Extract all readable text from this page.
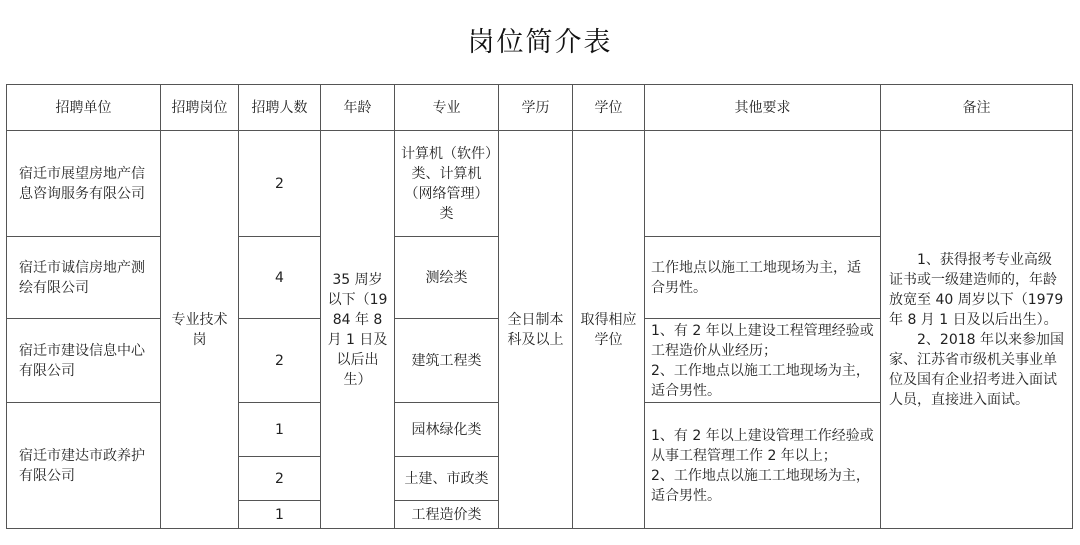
岗位简介表
招聘单位	招聘岗位	招聘人数	年龄	专业	学历	学位	其他要求	备注
宿迁市展望房地产信息咨询服务有限公司	专业技术岗	2	35 周岁以下（1984 年 8 月 1 日及以后出生）	计算机（软件）类、计算机（网络管理）类	全日制本科及以上	取得相应学位		1、获得报考专业高级证书或一级建造师的，年龄放宽至 40 周岁以下（1979 年 8 月 1 日及以后出生）。
2、2018 年以来参加国家、江苏省市级机关事业单位及国有企业招考进入面试人员，直接进入面试。

宿迁市诚信房地产测绘有限公司		4		测绘类			工作地点以施工工地现场为主，适合男性。	
宿迁市建设信息中心有限公司		2		建筑工程类			1、有 2 年以上建设工程管理经验或工程造价从业经历；
2、工作地点以施工工地现场为主，适合男性。	

宿迁市建达市政养护有限公司		1		园林绿化类			1、有 2 年以上建设管理工作经验或从事工程管理工作 2 年以上；
2、工作地点以施工工地现场为主，适合男性。	

		2		土建、市政类				
		1		工程造价类				
